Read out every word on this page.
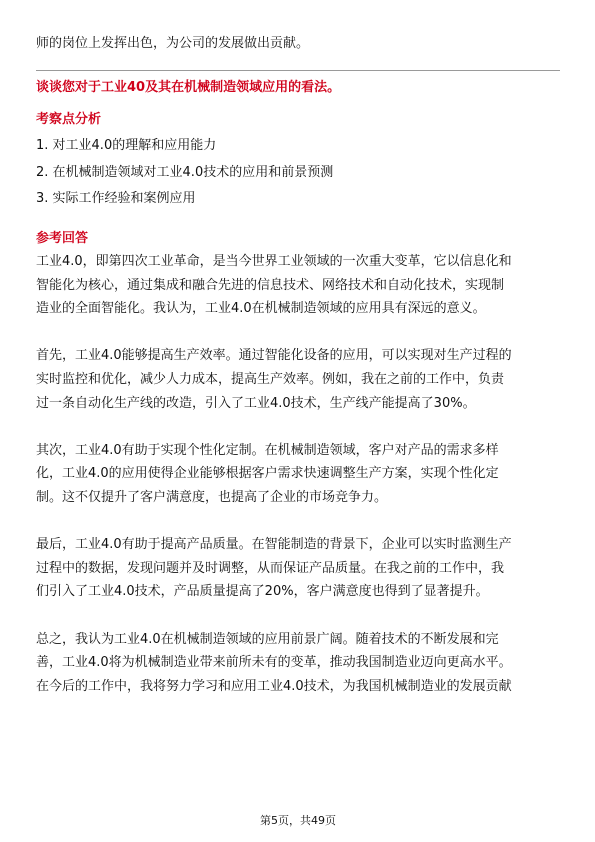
师的岗位上发挥出色，为公司的发展做出贡献。

谈谈您对于工业40及其在机械制造领域应用的看法。
考察点分析

1. 对工业4.0的理解和应用能力

2. 在机械制造领域对工业4.0技术的应用和前景预测

3. 实际工作经验和案例应用

参考回答

工业4.0，即第四次工业革命，是当今世界工业领域的一次重大变革，它以信息化和

智能化为核心，通过集成和融合先进的信息技术、网络技术和自动化技术，实现制

造业的全面智能化。我认为，工业4.0在机械制造领域的应用具有深远的意义。

首先，工业4.0能够提高生产效率。通过智能化设备的应用，可以实现对生产过程的

实时监控和优化，减少人力成本，提高生产效率。例如，我在之前的工作中，负责

过一条自动化生产线的改造，引入了工业4.0技术，生产线产能提高了30%。

其次，工业4.0有助于实现个性化定制。在机械制造领域，客户对产品的需求多样

化，工业4.0的应用使得企业能够根据客户需求快速调整生产方案，实现个性化定

制。这不仅提升了客户满意度，也提高了企业的市场竞争力。

最后，工业4.0有助于提高产品质量。在智能制造的背景下，企业可以实时监测生产

过程中的数据，发现问题并及时调整，从而保证产品质量。在我之前的工作中，我

们引入了工业4.0技术，产品质量提高了20%，客户满意度也得到了显著提升。

总之，我认为工业4.0在机械制造领域的应用前景广阔。随着技术的不断发展和完

善，工业4.0将为机械制造业带来前所未有的变革，推动我国制造业迈向更高水平。

在今后的工作中，我将努力学习和应用工业4.0技术，为我国机械制造业的发展贡献

第5页，共49页
